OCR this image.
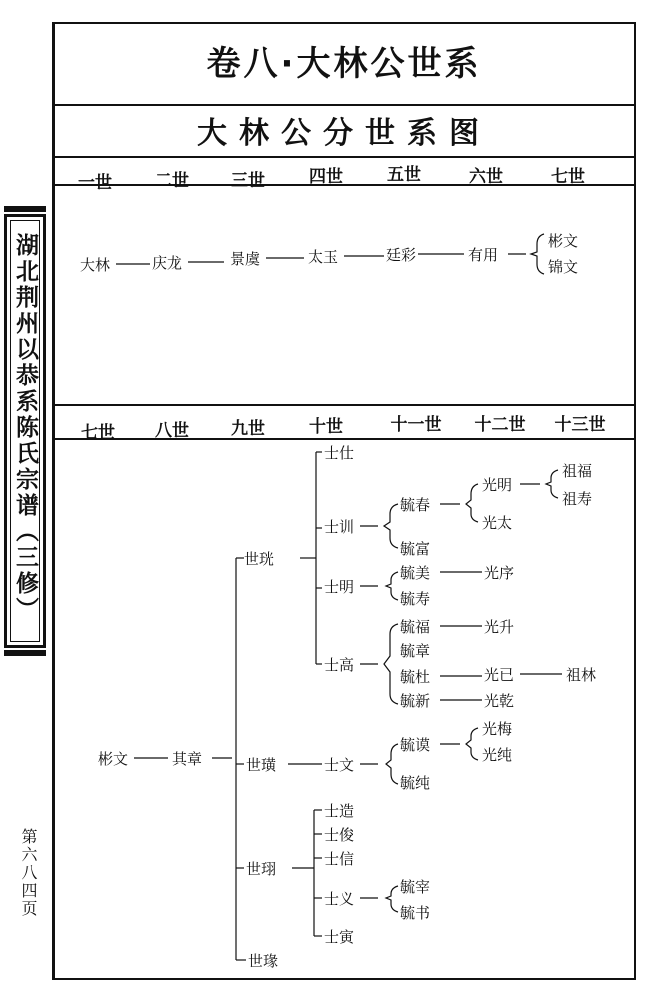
湖北荆州以恭系陈氏宗谱（三修）
第六八四页
卷八·大林公世系
大林公分世系图
一世	二世 三世	四世	五世	六世	七世
七世 八世 九世	十世	十一世 十二世 十三世
大林	庆龙	景虞	太玉	廷彩	有用
彬文
锦文
彬文	其章
世珖
世璜
世珝
世瑑
士仕
士训
士明
士高
士文
士造
士俊
士信
士义
士寅
毓春
毓富
毓美
毓寿
毓福
毓章
毓杜
毓新
毓谟
毓纯
毓宰
毓书
光明
光太
光序
光升
光已
光乾
光梅
光纯
祖福
祖寿
祖林
